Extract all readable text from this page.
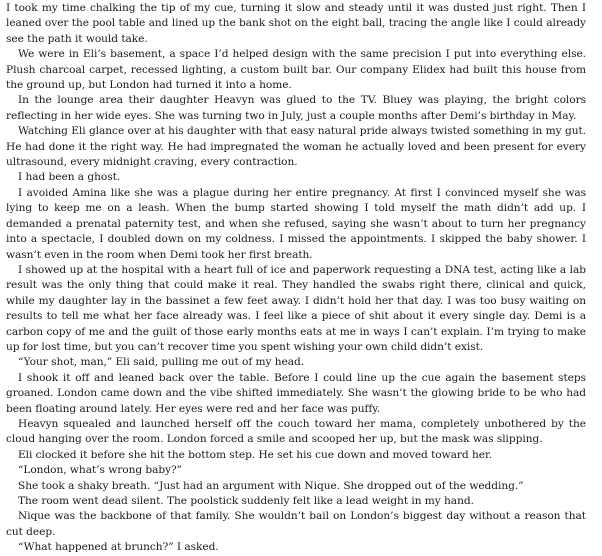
I took my time chalking the tip of my cue, turning it slow and steady until it was dusted just right. Then I leaned over the pool table and lined up the bank shot on the eight ball, tracing the angle like I could already see the path it would take.

We were in Eli’s basement, a space I’d helped design with the same precision I put into everything else. Plush charcoal carpet, recessed lighting, a custom built bar. Our company Elidex had built this house from the ground up, but London had turned it into a home.

In the lounge area their daughter Heavyn was glued to the TV. Bluey was playing, the bright colors reflecting in her wide eyes. She was turning two in July, just a couple months after Demi’s birthday in May.

Watching Eli glance over at his daughter with that easy natural pride always twisted something in my gut. He had done it the right way. He had impregnated the woman he actually loved and been present for every ultrasound, every midnight craving, every contraction.

I had been a ghost.

I avoided Amina like she was a plague during her entire pregnancy. At first I convinced myself she was lying to keep me on a leash. When the bump started showing I told myself the math didn’t add up. I demanded a prenatal paternity test, and when she refused, saying she wasn’t about to turn her pregnancy into a spectacle, I doubled down on my coldness. I missed the appointments. I skipped the baby shower. I wasn’t even in the room when Demi took her first breath.

I showed up at the hospital with a heart full of ice and paperwork requesting a DNA test, acting like a lab result was the only thing that could make it real. They handled the swabs right there, clinical and quick, while my daughter lay in the bassinet a few feet away. I didn’t hold her that day. I was too busy waiting on results to tell me what her face already was. I feel like a piece of shit about it every single day. Demi is a carbon copy of me and the guilt of those early months eats at me in ways I can’t explain. I’m trying to make up for lost time, but you can’t recover time you spent wishing your own child didn’t exist.

“Your shot, man,” Eli said, pulling me out of my head.

I shook it off and leaned back over the table. Before I could line up the cue again the basement steps groaned. London came down and the vibe shifted immediately. She wasn’t the glowing bride to be who had been floating around lately. Her eyes were red and her face was puffy.

Heavyn squealed and launched herself off the couch toward her mama, completely unbothered by the cloud hanging over the room. London forced a smile and scooped her up, but the mask was slipping.

Eli clocked it before she hit the bottom step. He set his cue down and moved toward her.

“London, what’s wrong baby?”

She took a shaky breath. “Just had an argument with Nique. She dropped out of the wedding.”

The room went dead silent. The poolstick suddenly felt like a lead weight in my hand.

Nique was the backbone of that family. She wouldn’t bail on London’s biggest day without a reason that cut deep.

“What happened at brunch?” I asked.
